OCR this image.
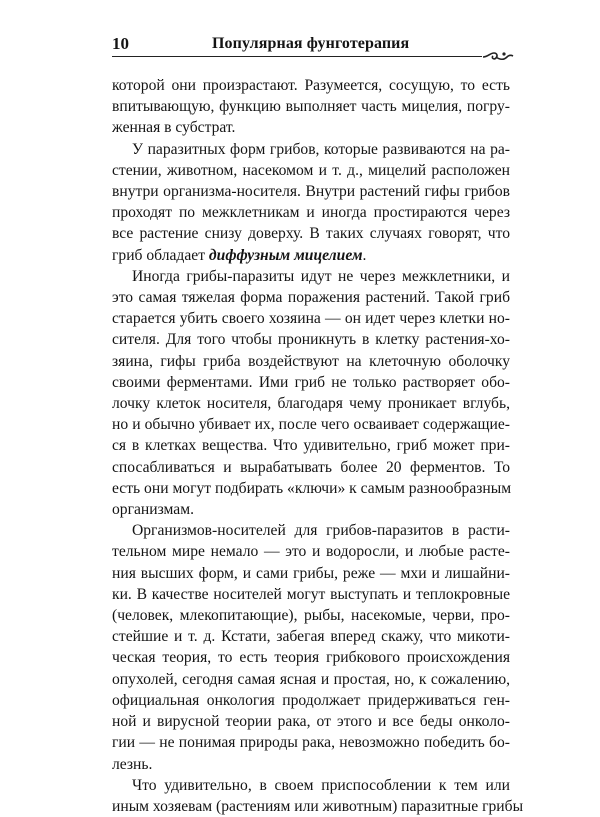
10	Популярная фунготерапия

которой они произрастают. Разумеется, сосущую, то есть
впитывающую, функцию выполняет часть мицелия, погру-
женная в субстрат.

У паразитных форм грибов, которые развиваются на ра-
стении, животном, насекомом и т. д., мицелий расположен
внутри организма-носителя. Внутри растений гифы грибов
проходят по межклетникам и иногда простираются через
все растение снизу доверху. В таких случаях говорят, что
гриб обладает диффузным мицелием.

Иногда грибы-паразиты идут не через межклетники, и
это самая тяжелая форма поражения растений. Такой гриб
старается убить своего хозяина — он идет через клетки но-
сителя. Для того чтобы проникнуть в клетку растения-хо-
зяина, гифы гриба воздействуют на клеточную оболочку
своими ферментами. Ими гриб не только растворяет обо-
лочку клеток носителя, благодаря чему проникает вглубь,
но и обычно убивает их, после чего осваивает содержащие-
ся в клетках вещества. Что удивительно, гриб может при-
спосабливаться и вырабатывать более 20 ферментов. То
есть они могут подбирать «ключи» к самым разнообразным
организмам.

Организмов-носителей для грибов-паразитов в расти-
тельном мире немало — это и водоросли, и любые расте-
ния высших форм, и сами грибы, реже — мхи и лишайни-
ки. В качестве носителей могут выступать и теплокровные
(человек, млекопитающие), рыбы, насекомые, черви, про-
стейшие и т. д. Кстати, забегая вперед скажу, что микоти-
ческая теория, то есть теория грибкового происхождения
опухолей, сегодня самая ясная и простая, но, к сожалению,
официальная онкология продолжает придерживаться ген-
ной и вирусной теории рака, от этого и все беды онколо-
гии — не понимая природы рака, невозможно победить бо-
лезнь.

Что удивительно, в своем приспособлении к тем или
иным хозяевам (растениям или животным) паразитные грибы
